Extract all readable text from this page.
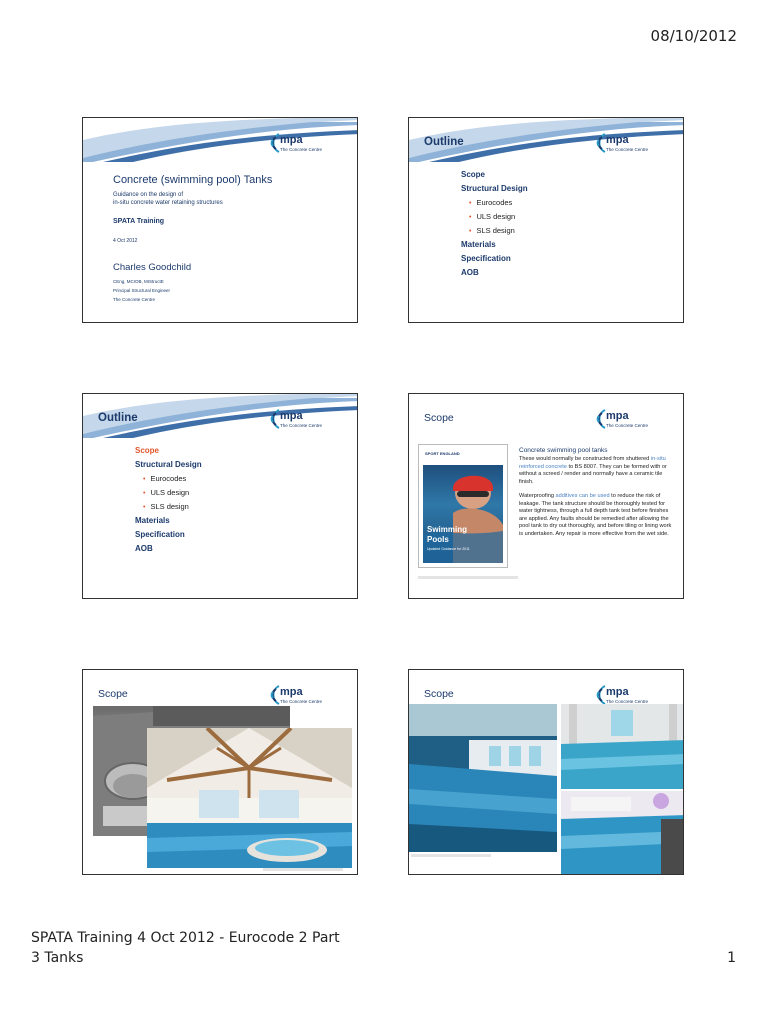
08/10/2012
mpa
The Concrete Centre
Concrete (swimming pool) Tanks
Guidance on the design of
in-situ concrete water retaining structures
SPATA Training
4 Oct 2012
Charles Goodchild
CEng, MCIOB, MIStructE
Principal Structural Engineer
The Concrete Centre
Outline	mpa
The Concrete Centre
Scope
Structural Design
• Eurocodes
• ULS design
• SLS design
Materials
Specification
AOB
Outline	mpa
The Concrete Centre
Scope
Structural Design
• Eurocodes
• ULS design
• SLS design
Materials
Specification
AOB
Scope	mpa
The Concrete Centre
SPORT ENGLAND
Swimming
Pools
Updated Guidance for 2011
Concrete swimming pool tanks
These would normally be constructed from shuttered in-situ reinforced concrete to BS 8007. They can be formed with or without a screed / render and normally have a ceramic tile finish.
Waterproofing additives can be used to reduce the risk of leakage. The tank structure should be thoroughly tested for water tightness, through a full depth tank test before finishes are applied. Any faults should be remedied after allowing the pool tank to dry out thoroughly, and before tiling or lining work is undertaken. Any repair is more effective from the wet side.
Scope	mpa
The Concrete Centre
Scope	mpa
The Concrete Centre
SPATA Training 4 Oct 2012 - Eurocode 2 Part
3 Tanks	1
